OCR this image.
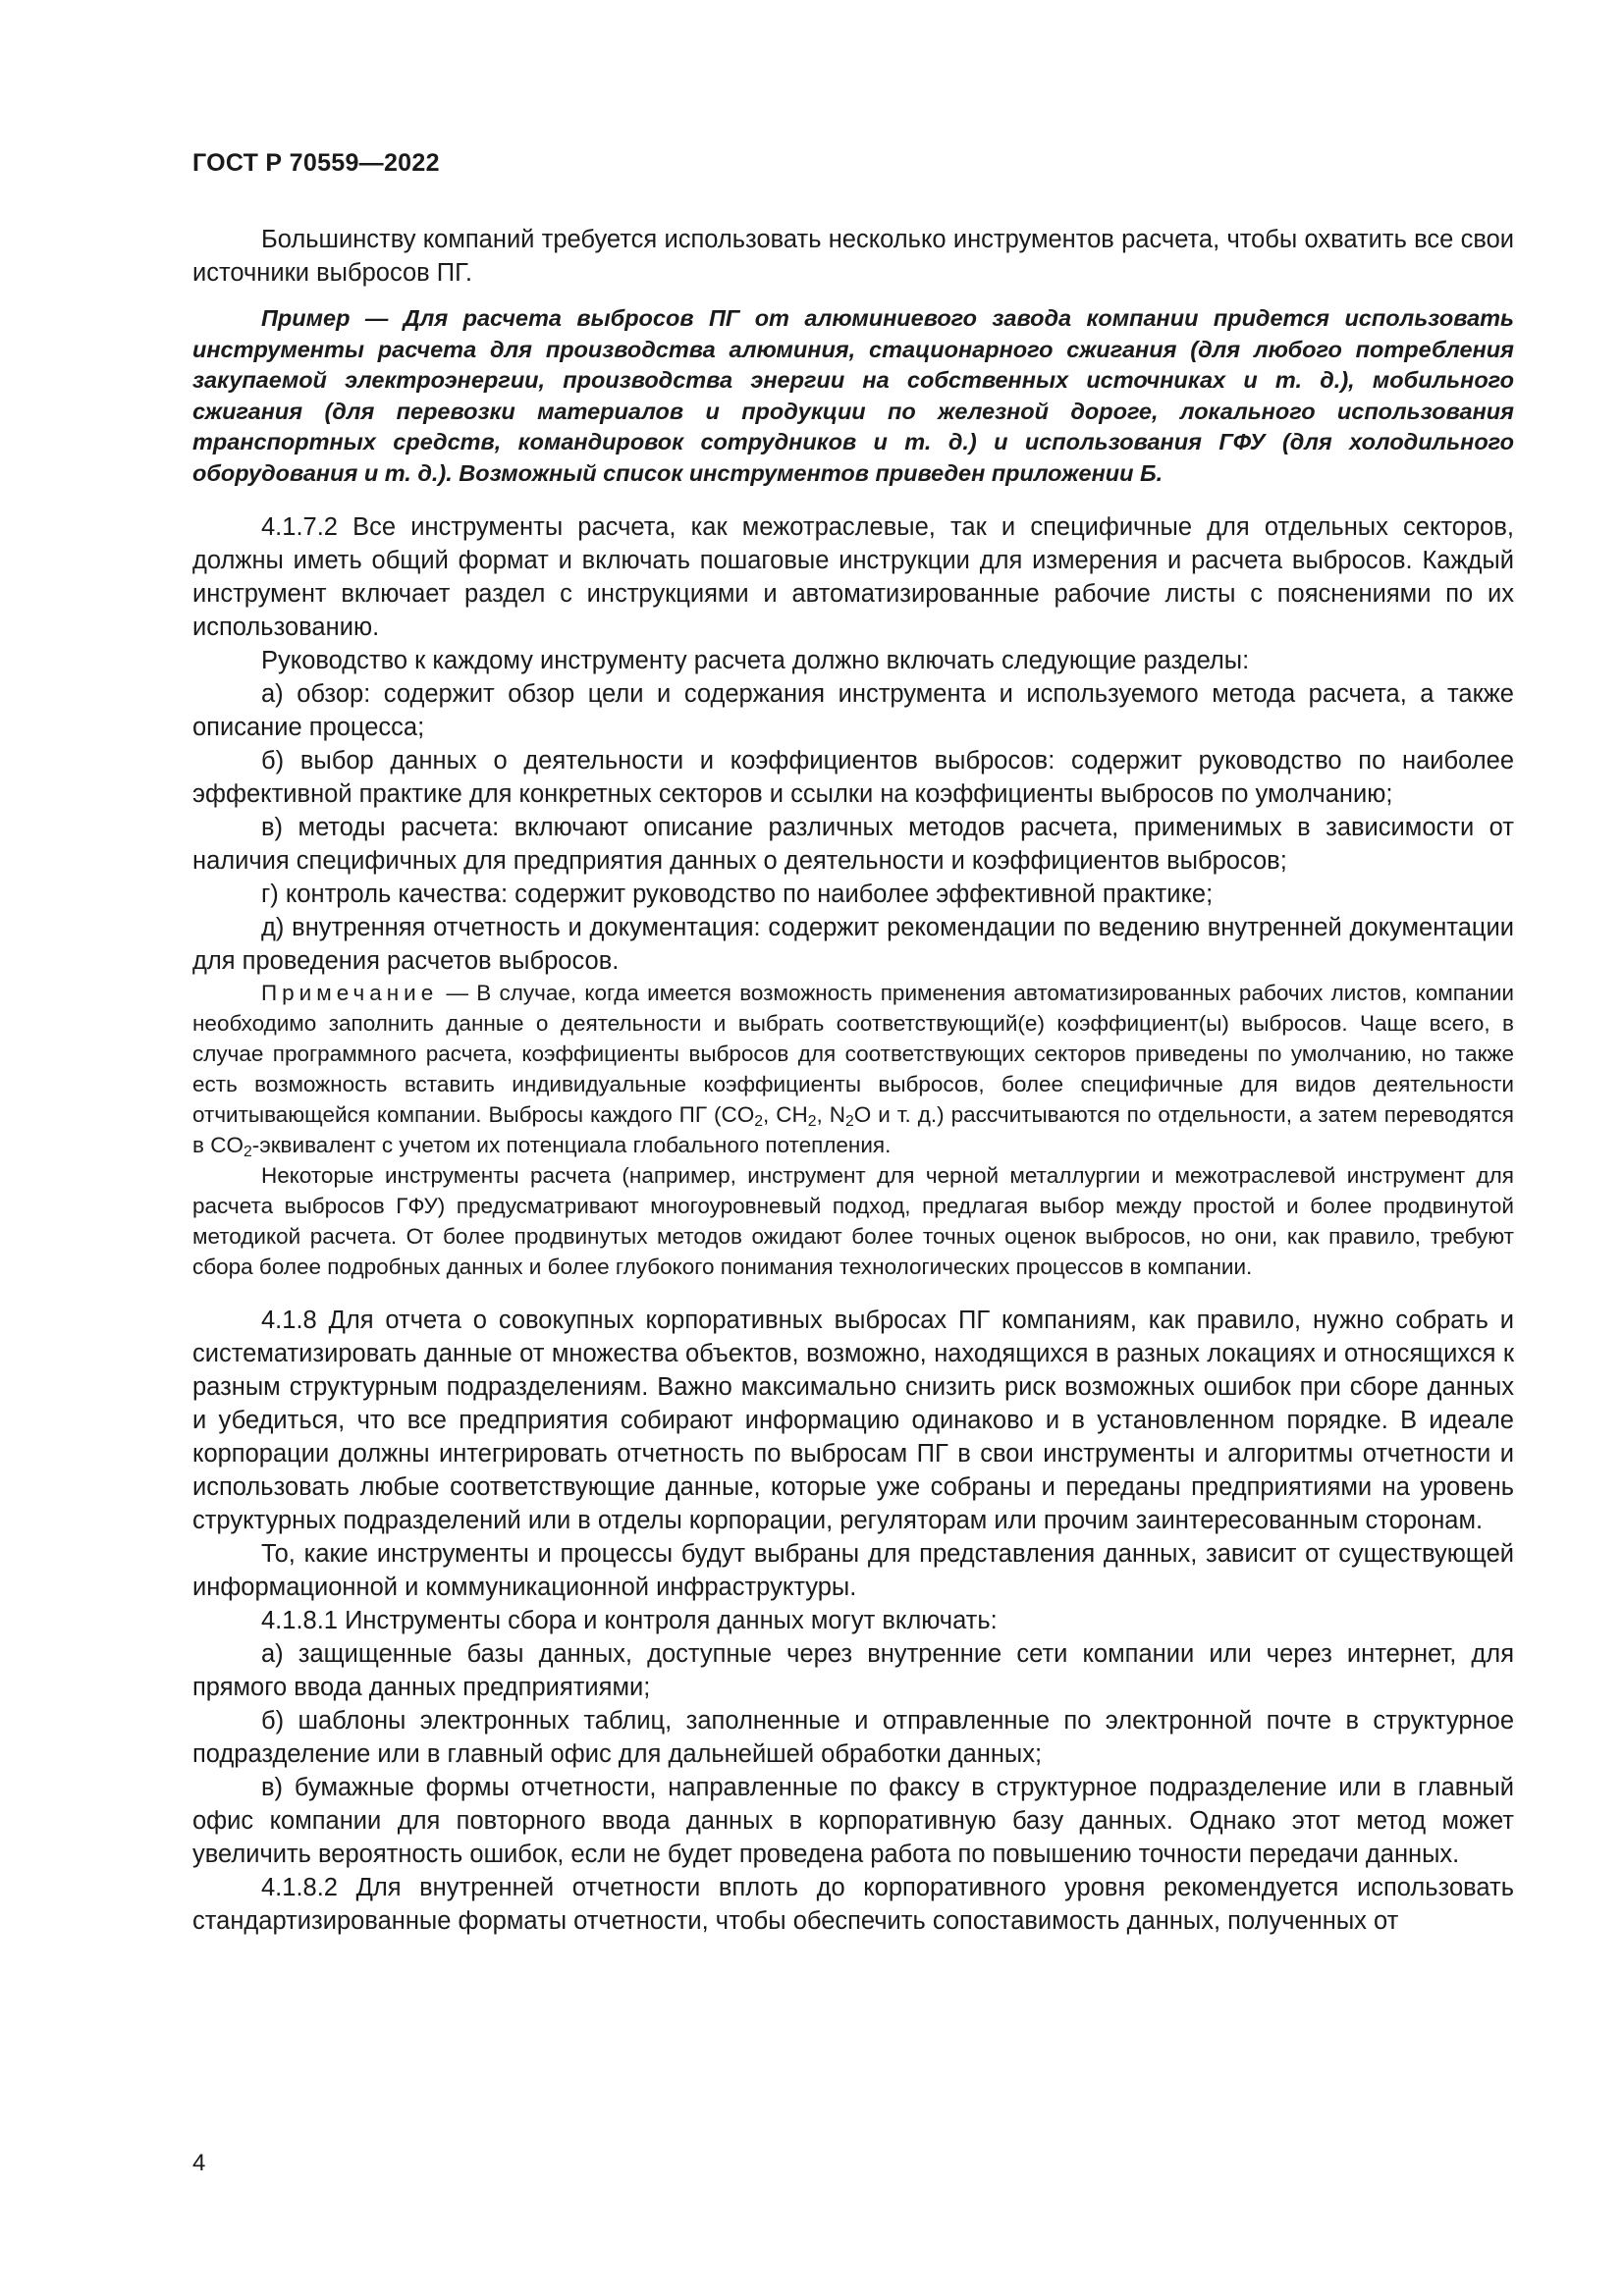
ГОСТ Р 70559—2022

Большинству компаний требуется использовать несколько инструментов расчета, чтобы охватить все свои источники выбросов ПГ.

Пример — Для расчета выбросов ПГ от алюминиевого завода компании придется использовать инструменты расчета для производства алюминия, стационарного сжигания (для любого потребления закупаемой электроэнергии, производства энергии на собственных источниках и т. д.), мобильного сжигания (для перевозки материалов и продукции по железной дороге, локального использования транспортных средств, командировок сотрудников и т. д.) и использования ГФУ (для холодильного оборудования и т. д.). Возможный список инструментов приведен приложении Б.

4.1.7.2 Все инструменты расчета, как межотраслевые, так и специфичные для отдельных секторов, должны иметь общий формат и включать пошаговые инструкции для измерения и расчета выбросов. Каждый инструмент включает раздел с инструкциями и автоматизированные рабочие листы с пояснениями по их использованию.

Руководство к каждому инструменту расчета должно включать следующие разделы:

а) обзор: содержит обзор цели и содержания инструмента и используемого метода расчета, а также описание процесса;

б) выбор данных о деятельности и коэффициентов выбросов: содержит руководство по наиболее эффективной практике для конкретных секторов и ссылки на коэффициенты выбросов по умолчанию;

в) методы расчета: включают описание различных методов расчета, применимых в зависимости от наличия специфичных для предприятия данных о деятельности и коэффициентов выбросов;

г) контроль качества: содержит руководство по наиболее эффективной практике;

д) внутренняя отчетность и документация: содержит рекомендации по ведению внутренней документации для проведения расчетов выбросов.

Примечание — В случае, когда имеется возможность применения автоматизированных рабочих листов, компании необходимо заполнить данные о деятельности и выбрать соответствующий(е) коэффициент(ы) выбросов. Чаще всего, в случае программного расчета, коэффициенты выбросов для соответствующих секторов приведены по умолчанию, но также есть возможность вставить индивидуальные коэффициенты выбросов, более специфичные для видов деятельности отчитывающейся компании. Выбросы каждого ПГ ($CO_2$, $CH_2$, $N_2O$ и т. д.) рассчитываются по отдельности, а затем переводятся в $CO_2$-эквивалент с учетом их потенциала глобального потепления.

Некоторые инструменты расчета (например, инструмент для черной металлургии и межотраслевой инструмент для расчета выбросов ГФУ) предусматривают многоуровневый подход, предлагая выбор между простой и более продвинутой методикой расчета. От более продвинутых методов ожидают более точных оценок выбросов, но они, как правило, требуют сбора более подробных данных и более глубокого понимания технологических процессов в компании.

4.1.8 Для отчета о совокупных корпоративных выбросах ПГ компаниям, как правило, нужно собрать и систематизировать данные от множества объектов, возможно, находящихся в разных локациях и относящихся к разным структурным подразделениям. Важно максимально снизить риск возможных ошибок при сборе данных и убедиться, что все предприятия собирают информацию одинаково и в установленном порядке. В идеале корпорации должны интегрировать отчетность по выбросам ПГ в свои инструменты и алгоритмы отчетности и использовать любые соответствующие данные, которые уже собраны и переданы предприятиями на уровень структурных подразделений или в отделы корпорации, регуляторам или прочим заинтересованным сторонам.

То, какие инструменты и процессы будут выбраны для представления данных, зависит от существующей информационной и коммуникационной инфраструктуры.

4.1.8.1 Инструменты сбора и контроля данных могут включать:

а) защищенные базы данных, доступные через внутренние сети компании или через интернет, для прямого ввода данных предприятиями;

б) шаблоны электронных таблиц, заполненные и отправленные по электронной почте в структурное подразделение или в главный офис для дальнейшей обработки данных;

в) бумажные формы отчетности, направленные по факсу в структурное подразделение или в главный офис компании для повторного ввода данных в корпоративную базу данных. Однако этот метод может увеличить вероятность ошибок, если не будет проведена работа по повышению точности передачи данных.

4.1.8.2 Для внутренней отчетности вплоть до корпоративного уровня рекомендуется использовать стандартизированные форматы отчетности, чтобы обеспечить сопоставимость данных, полученных от

4
